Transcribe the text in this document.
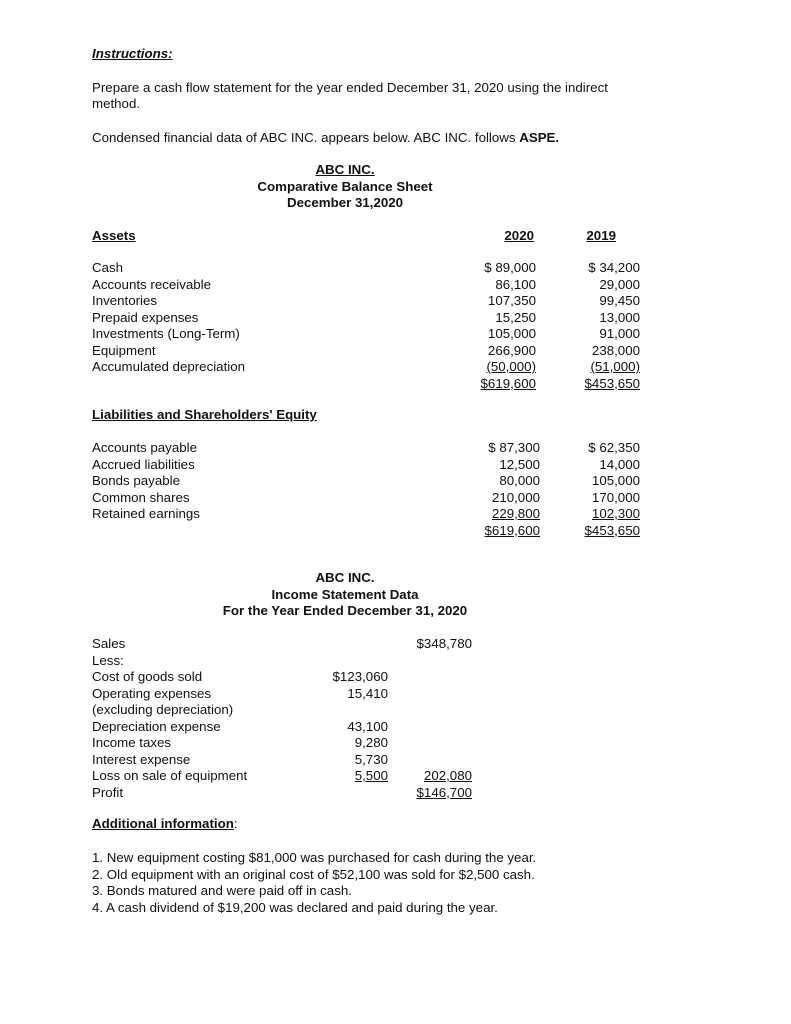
Instructions:
Prepare a cash flow statement for the year ended December 31, 2020 using the indirect
method.
Condensed financial data of ABC INC. appears below. ABC INC. follows ASPE.
ABC INC.
Comparative Balance Sheet
December 31,2020
Assets	2020	2019
Cash
Accounts receivable
Inventories
Prepaid expenses
Investments (Long-Term)
Equipment
Accumulated depreciation
$ 89,000
86,100
107,350
15,250
105,000
266,900
(50,000)
$619,600
$ 34,200
29,000
99,450
13,000
91,000
238,000
(51,000)
$453,650
Liabilities and Shareholders' Equity
Accounts payable
Accrued liabilities
Bonds payable
Common shares
Retained earnings
$ 87,300
12,500
80,000
210,000
229,800
$619,600
$ 62,350
14,000
105,000
170,000
102,300
$453,650
ABC INC.
Income Statement Data
For the Year Ended December 31, 2020
Sales
Less:
Cost of goods sold
Operating expenses
(excluding depreciation)
Depreciation expense
Income taxes
Interest expense
Loss on sale of equipment
Profit
$123,060
15,410
43,100
9,280
5,730
5,500
$348,780
202,080
$146,700
Additional information:
1. New equipment costing $81,000 was purchased for cash during the year.
2. Old equipment with an original cost of $52,100 was sold for $2,500 cash.
3. Bonds matured and were paid off in cash.
4. A cash dividend of $19,200 was declared and paid during the year.
